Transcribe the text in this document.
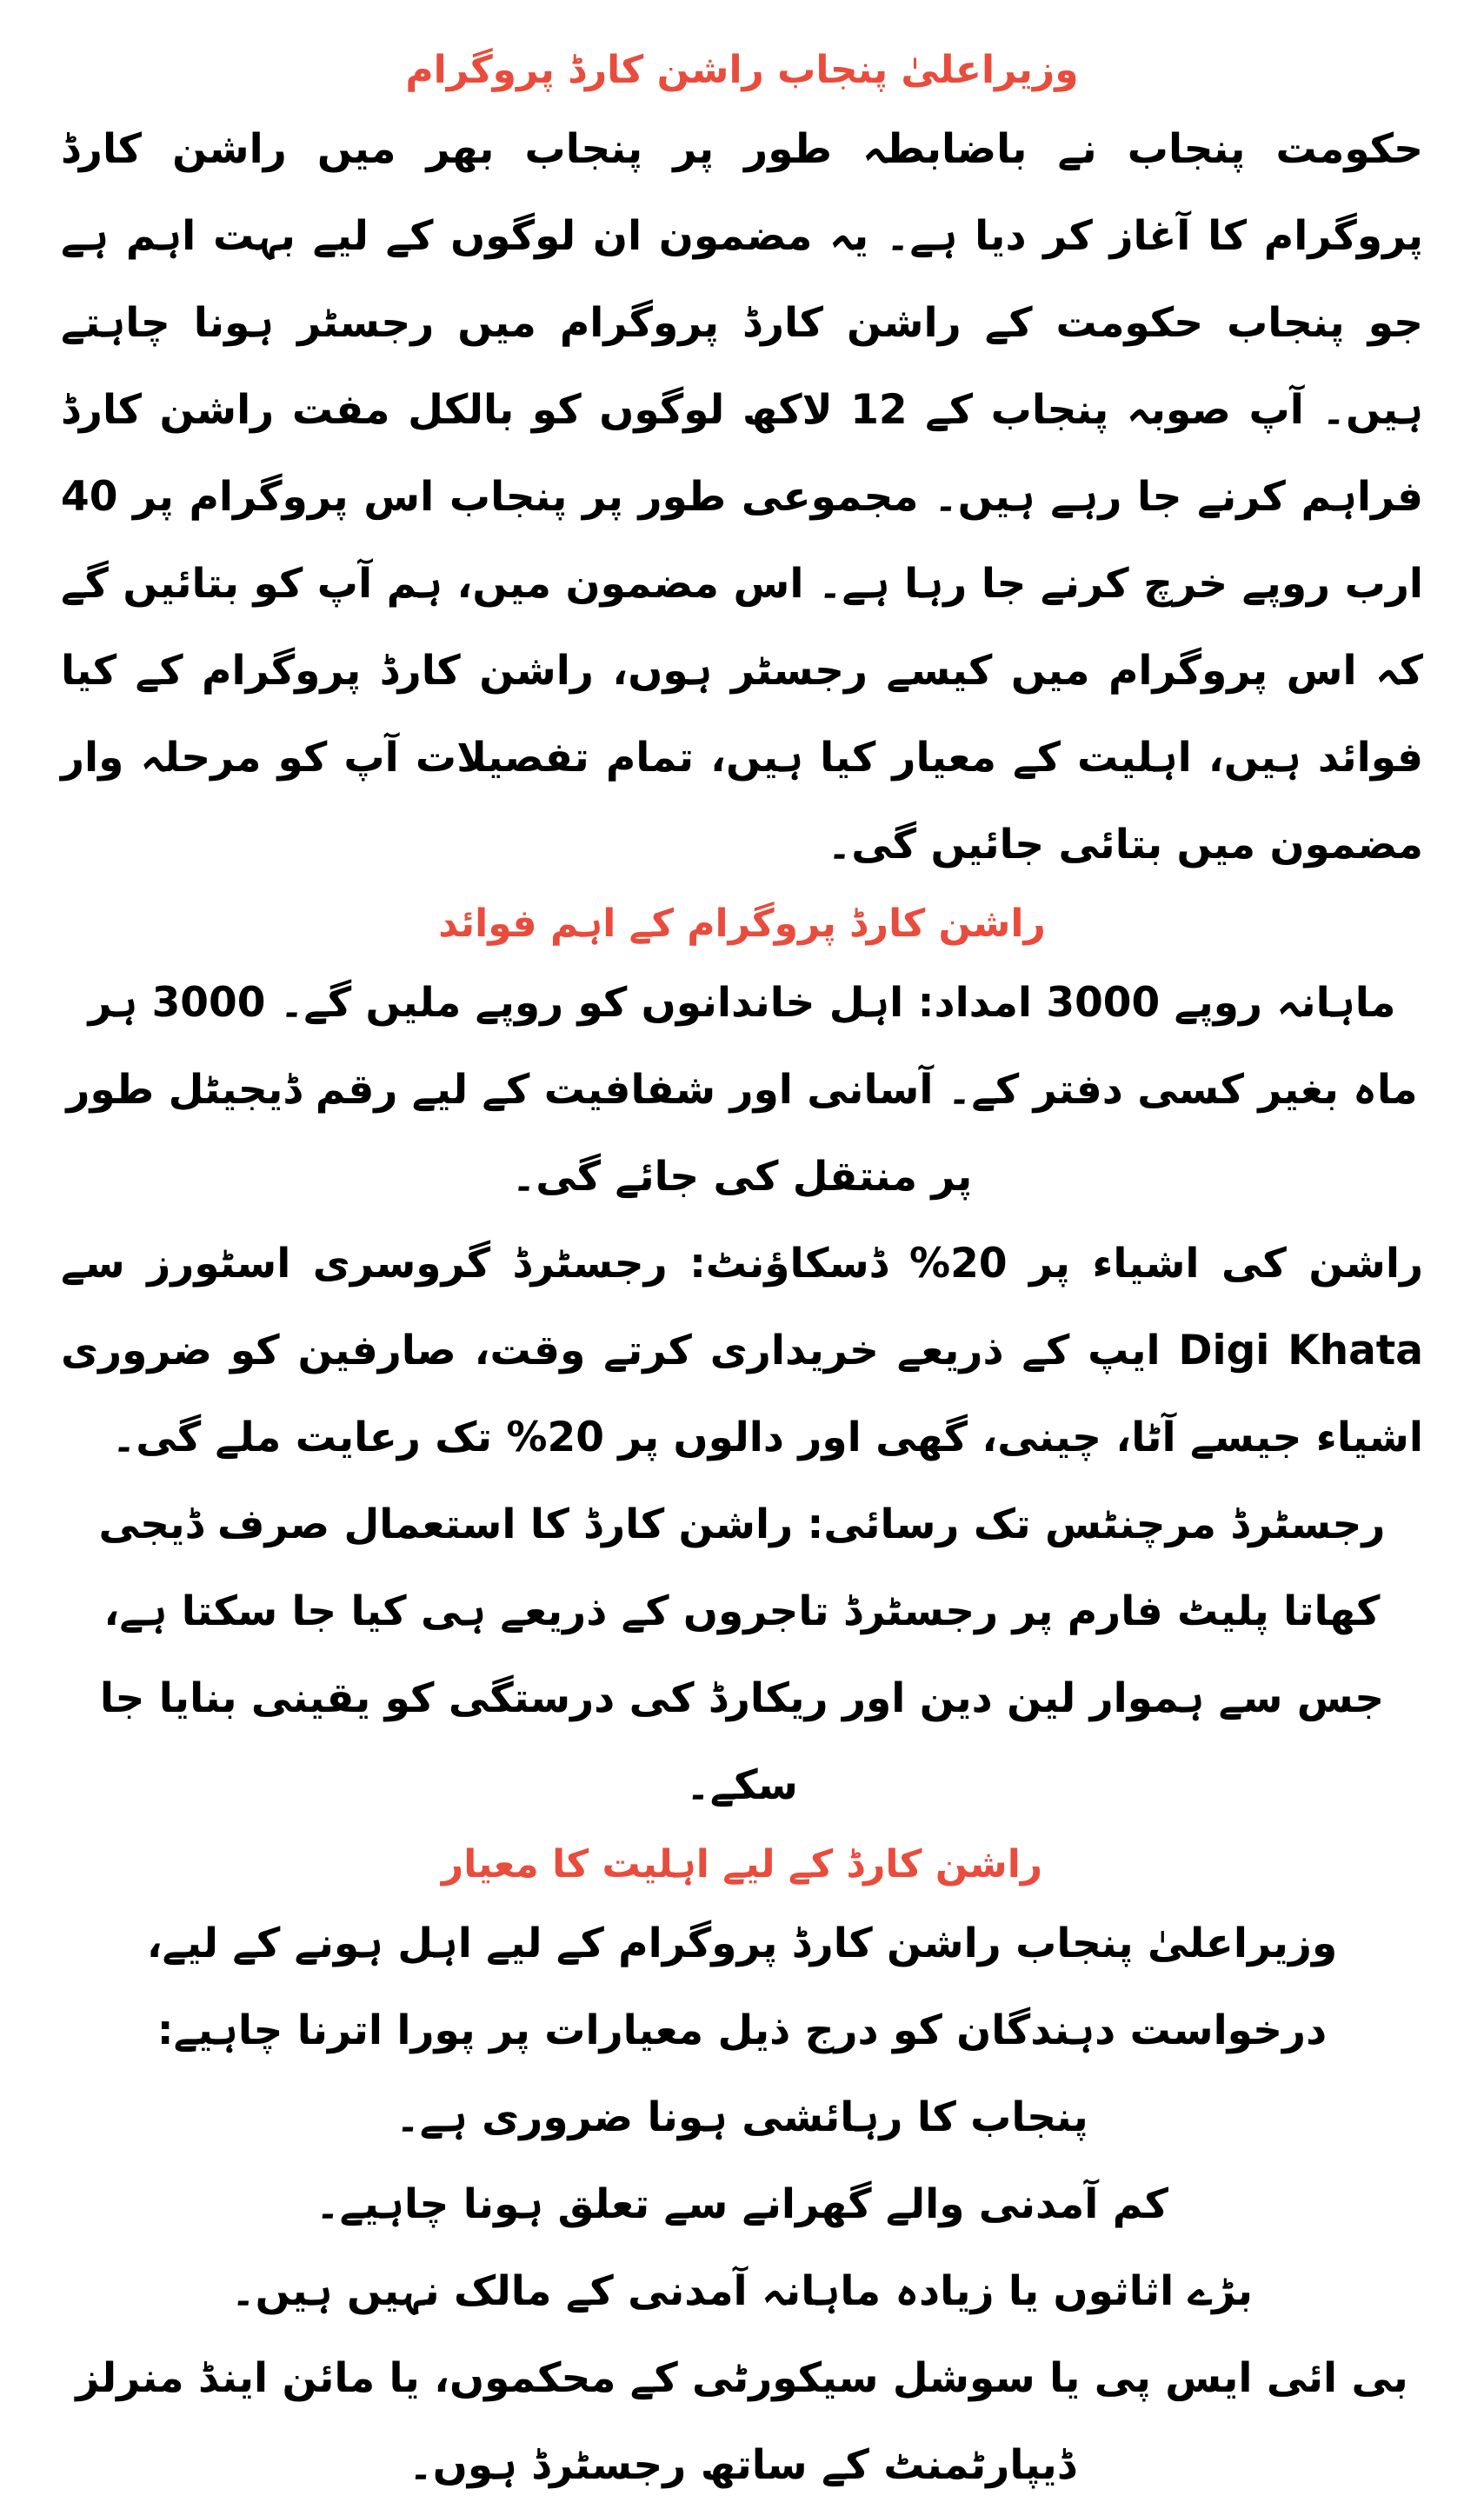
وزیراعلیٰ پنجاب راشن کارڈ پروگرام

حکومت پنجاب نے باضابطہ طور پر پنجاب بھر میں راشن کارڈ پروگرام کا آغاز کر دیا ہے۔ یہ مضمون ان لوگوں کے لیے بہت اہم ہے جو پنجاب حکومت کے راشن کارڈ پروگرام میں رجسٹر ہونا چاہتے ہیں۔ آپ صوبہ پنجاب کے 12 لاکھ لوگوں کو بالکل مفت راشن کارڈ فراہم کرنے جا رہے ہیں۔ مجموعی طور پر پنجاب اس پروگرام پر 40 ارب روپے خرچ کرنے جا رہا ہے۔ اس مضمون میں، ہم آپ کو بتائیں گے کہ اس پروگرام میں کیسے رجسٹر ہوں، راشن کارڈ پروگرام کے کیا فوائد ہیں، اہلیت کے معیار کیا ہیں، تمام تفصیلات آپ کو مرحلہ وار مضمون میں بتائی جائیں گی۔

راشن کارڈ پروگرام کے اہم فوائد

ماہانہ روپے 3000 امداد: اہل خاندانوں کو روپے ملیں گے۔ 3000 ہر ماہ بغیر کسی دفتر کے۔ آسانی اور شفافیت کے لیے رقم ڈیجیٹل طور پر منتقل کی جائے گی۔

راشن کی اشیاء پر 20% ڈسکاؤنٹ: رجسٹرڈ گروسری اسٹورز سے Digi Khata ایپ کے ذریعے خریداری کرتے وقت، صارفین کو ضروری اشیاء جیسے آٹا، چینی، گھی اور دالوں پر 20% تک رعایت ملے گی۔

رجسٹرڈ مرچنٹس تک رسائی: راشن کارڈ کا استعمال صرف ڈیجی کھاتا پلیٹ فارم پر رجسٹرڈ تاجروں کے ذریعے ہی کیا جا سکتا ہے، جس سے ہموار لین دین اور ریکارڈ کی درستگی کو یقینی بنایا جا سکے۔

راشن کارڈ کے لیے اہلیت کا معیار

وزیراعلیٰ پنجاب راشن کارڈ پروگرام کے لیے اہل ہونے کے لیے، درخواست دہندگان کو درج ذیل معیارات پر پورا اترنا چاہیے:

پنجاب کا رہائشی ہونا ضروری ہے۔

کم آمدنی والے گھرانے سے تعلق ہونا چاہیے۔

بڑے اثاثوں یا زیادہ ماہانہ آمدنی کے مالک نہیں ہیں۔

بی ائی ایس پی یا سوشل سیکورٹی کے محکموں، یا مائن اینڈ منرلز ڈیپارٹمنٹ کے ساتھ رجسٹرڈ ہوں۔
